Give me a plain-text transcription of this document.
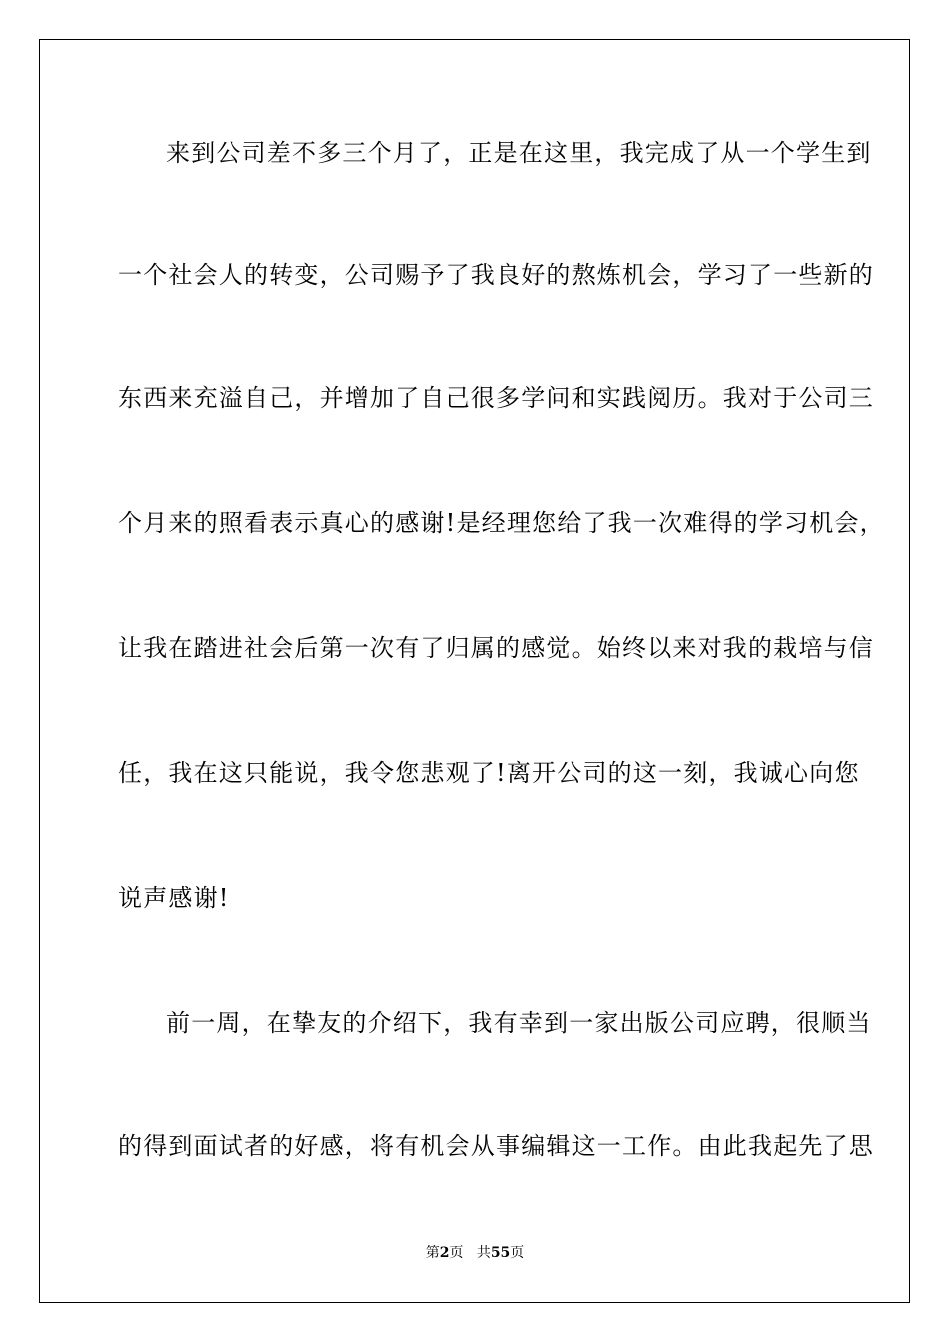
来到公司差不多三个月了，正是在这里，我完成了从一个学生到
一个社会人的转变，公司赐予了我良好的熬炼机会，学习了一些新的
东西来充溢自己，并增加了自己很多学问和实践阅历。我对于公司三
个月来的照看表示真心的感谢!是经理您给了我一次难得的学习机会，
让我在踏进社会后第一次有了归属的感觉。始终以来对我的栽培与信
任，我在这只能说，我令您悲观了!离开公司的这一刻，我诚心向您
说声感谢!
前一周，在挚友的介绍下，我有幸到一家出版公司应聘，很顺当
的得到面试者的好感，将有机会从事编辑这一工作。由此我起先了思
第2页 共55页
